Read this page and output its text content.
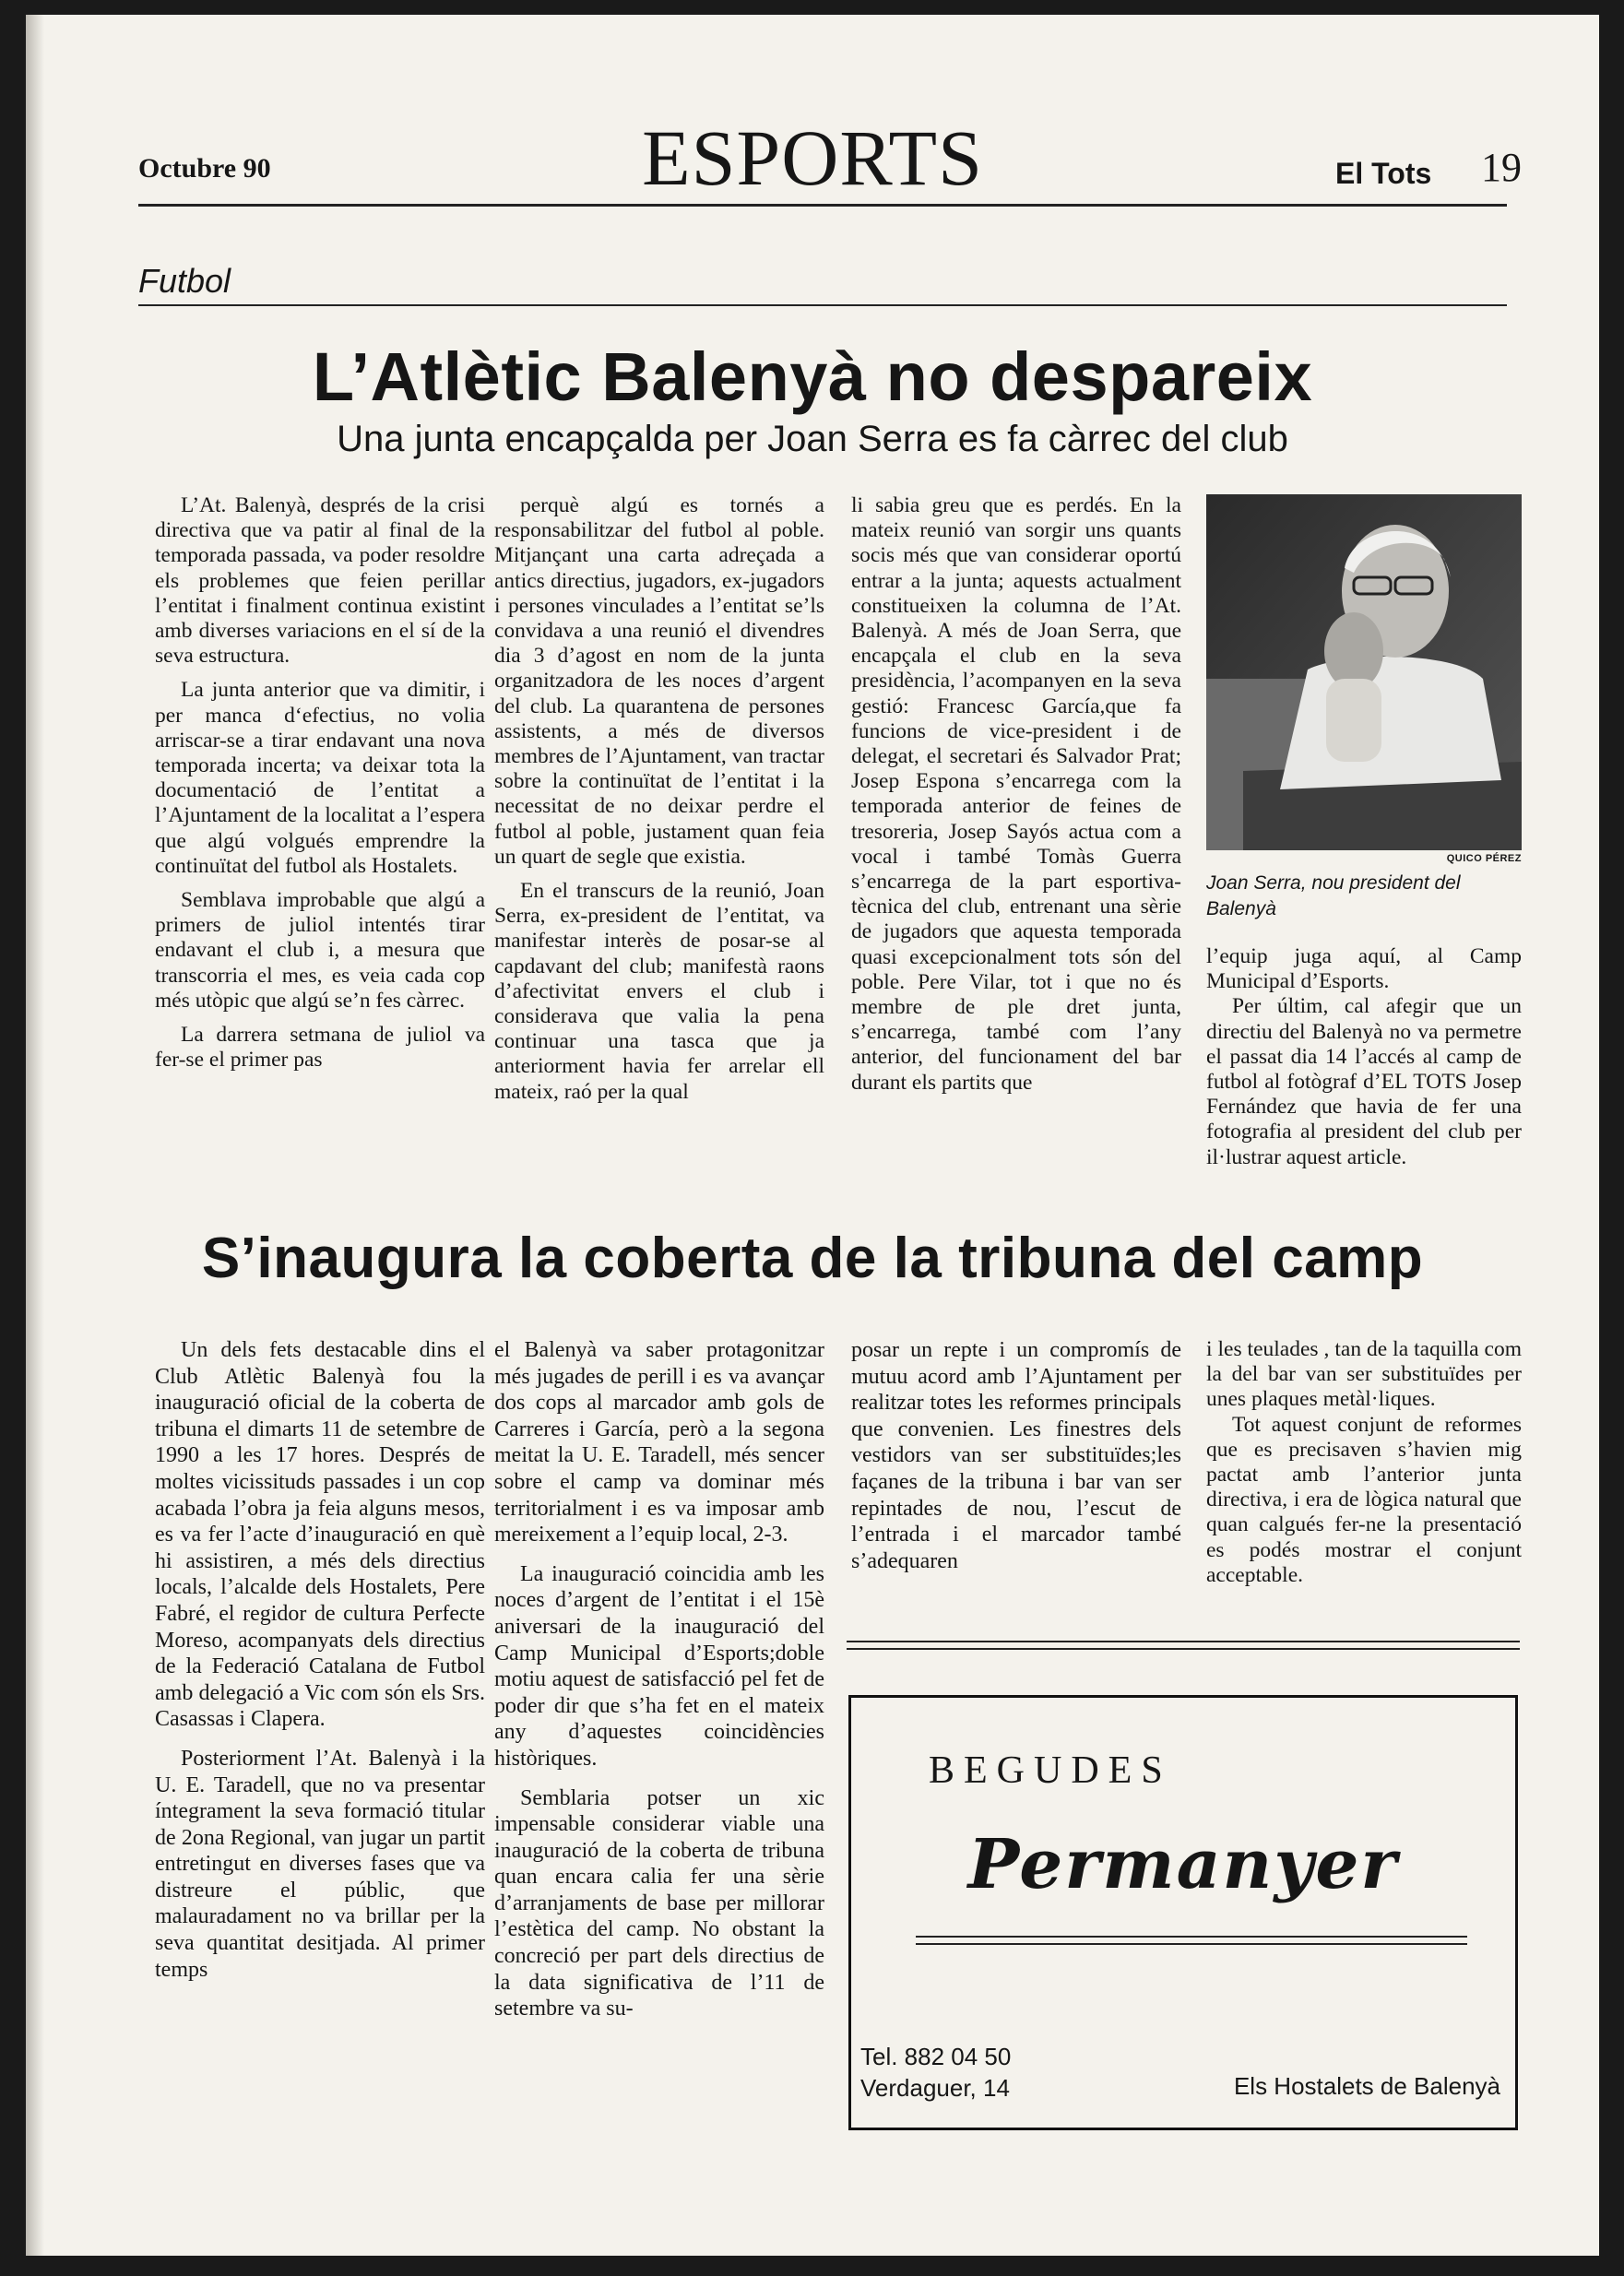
Octubre 90	ESPORTS	El Tots 19
Futbol
L’Atlètic Balenyà no despareix
Una junta encapçalda per Joan Serra es fa càrrec del club

L’At. Balenyà, després de la crisi directiva que va patir al final de la temporada passada, va poder resoldre els problemes que feien perillar l’entitat i finalment continua existint amb diverses variacions en el sí de la seva estructura.

La junta anterior que va dimitir, i per manca d‘efectius, no volia arriscar-se a tirar endavant una nova temporada incerta; va deixar tota la documentació de l’entitat a l’Ajuntament de la localitat a l’espera que algú volgués emprendre la continuïtat del futbol als Hostalets.

Semblava improbable que algú a primers de juliol intentés tirar endavant el club i, a mesura que transcorria el mes, es veia cada cop més utòpic que algú se’n fes càrrec.

La darrera setmana de juliol va fer-se el primer pas

perquè algú es tornés a responsabilitzar del futbol al poble. Mitjançant una carta adreçada a antics directius, jugadors, ex-jugadors i persones vinculades a l’entitat se’ls convidava a una reunió el divendres dia 3 d’agost en nom de la junta organitzadora de les noces d’argent del club. La quarantena de persones assistents, a més de diversos membres de l’Ajuntament, van tractar sobre la continuïtat de l’entitat i la necessitat de no deixar perdre el futbol al poble, justament quan feia un quart de segle que existia.

En el transcurs de la reunió, Joan Serra, ex-president de l’entitat, va manifestar interès de posar-se al capdavant del club; manifestà raons d’afectivitat envers el club i considerava que valia la pena continuar una tasca que ja anteriorment havia fer arrelar ell mateix, raó per la qual

li sabia greu que es perdés. En la mateix reunió van sorgir uns quants socis més que van considerar oportú entrar a la junta; aquests actualment constitueixen la columna de l’At. Balenyà. A més de Joan Serra, que encapçala el club en la seva presidència, l’acompanyen en la seva gestió: Francesc García,que fa funcions de vice-president i de delegat, el secretari és Salvador Prat; Josep Espona s’encarrega com la temporada anterior de feines de tresoreria, Josep Sayós actua com a vocal i també Tomàs Guerra s’encarrega de la part esportiva-tècnica del club, entrenant una sèrie de jugadors que aquesta temporada quasi excepcionalment tots són del poble. Pere Vilar, tot i que no és membre de ple dret junta, s’encarrega, també com l’any anterior, del funcionament del bar durant els partits que

QUICO PÉREZ
Joan Serra, nou president del Balenyà

l’equip juga aquí, al Camp Municipal d’Esports.

Per últim, cal afegir que un directiu del Balenyà no va permetre el passat dia 14 l’accés al camp de futbol al fotògraf d’EL TOTS Josep Fernández que havia de fer una fotografia al president del club per il·lustrar aquest article.

S’inaugura la coberta de la tribuna del camp

Un dels fets destacable dins el Club Atlètic Balenyà fou la inauguració oficial de la coberta de tribuna el dimarts 11 de setembre de 1990 a les 17 hores. Després de moltes vicissituds passades i un cop acabada l’obra ja feia alguns mesos, es va fer l’acte d’inauguració en què hi assistiren, a més dels directius locals, l’alcalde dels Hostalets, Pere Fabré, el regidor de cultura Perfecte Moreso, acompanyats dels directius de la Federació Catalana de Futbol amb delegació a Vic com són els Srs. Casassas i Clapera.

Posteriorment l’At. Balenyà i la U. E. Taradell, que no va presentar íntegrament la seva formació titular de 2ona Regional, van jugar un partit entretingut en diverses fases que va distreure el públic, que malauradament no va brillar per la seva quantitat desitjada. Al primer temps

el Balenyà va saber protagonitzar més jugades de perill i es va avançar dos cops al marcador amb gols de Carreres i García, però a la segona meitat la U. E. Taradell, més sencer sobre el camp va dominar més territorialment i es va imposar amb mereixement a l’equip local, 2-3.

La inauguració coincidia amb les noces d’argent de l’entitat i el 15è aniversari de la inauguració del Camp Municipal d’Esports;doble motiu aquest de satisfacció pel fet de poder dir que s’ha fet en el mateix any d’aquestes coincidències històriques.

Semblaria potser un xic impensable considerar viable una inauguració de la coberta de tribuna quan encara calia fer una sèrie d’arranjaments de base per millorar l’estètica del camp. No obstant la concreció per part dels directius de la data significativa de l’11 de setembre va su-

posar un repte i un compromís de mutuu acord amb l’Ajuntament per realitzar totes les reformes principals que convenien. Les finestres dels vestidors van ser substituïdes;les façanes de la tribuna i bar van ser repintades de nou, l’escut de l’entrada i el marcador també s’adequaren

i les teulades , tan de la taquilla com la del bar van ser substituïdes per unes plaques metàl·liques.

Tot aquest conjunt de reformes que es precisaven s’havien mig pactat amb l’anterior junta directiva, i era de lògica natural que quan calgués fer-ne la presentació es podés mostrar el conjunt acceptable.

BEGUDES
Permanyer
Tel. 882 04 50
Verdaguer, 14	Els Hostalets de Balenyà
